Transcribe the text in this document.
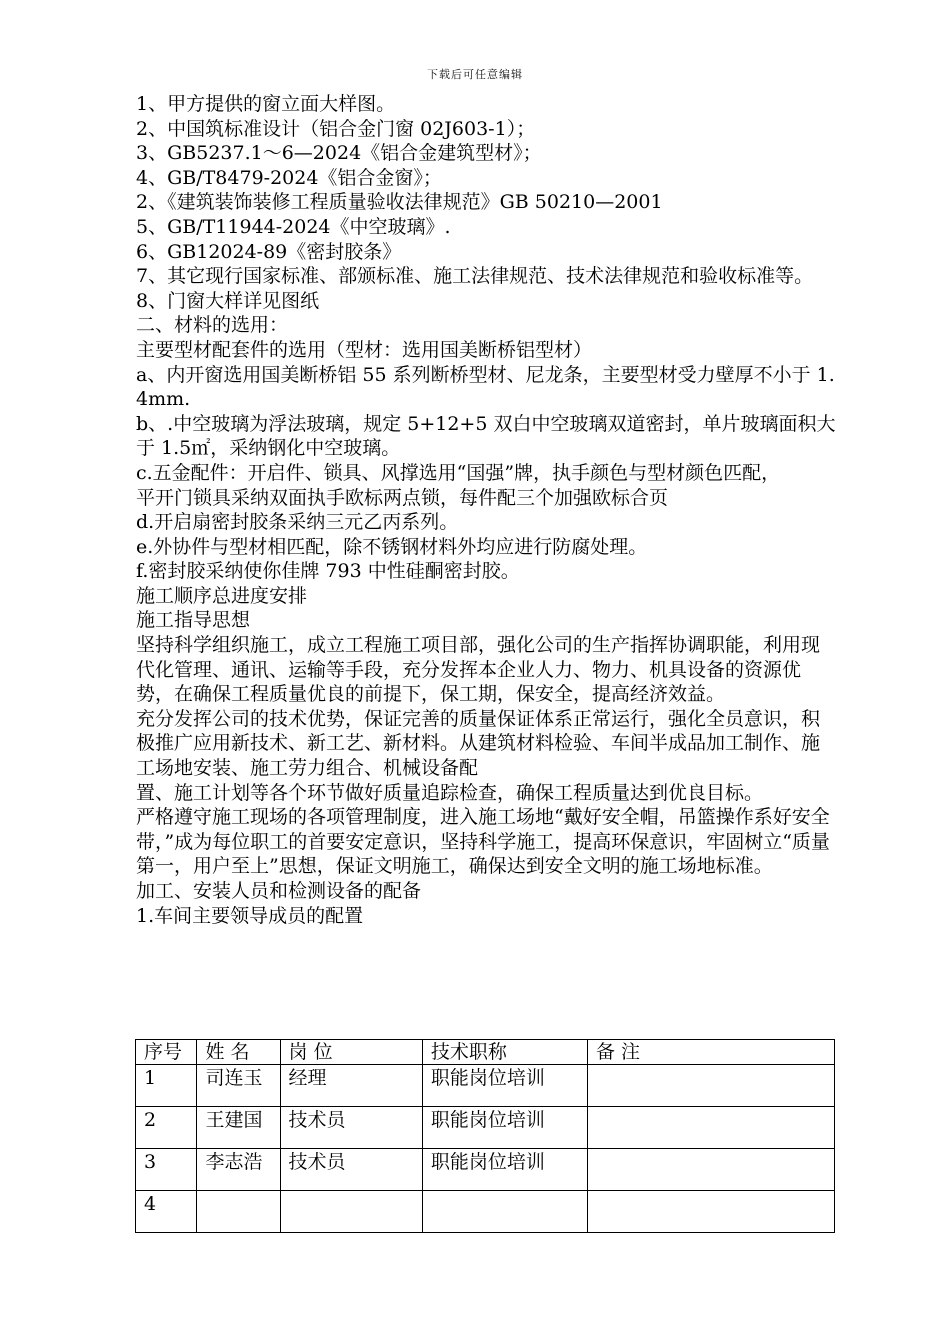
下载后可任意编辑

1、甲方提供的窗立面大样图。

2、中国筑标准设计（铝合金门窗 02J603-1）；

3、GB5237.1～6—2024《铝合金建筑型材》；

4、GB/T8479-2024《铝合金窗》；

2、《建筑装饰装修工程质量验收法律规范》GB 50210—2001

5、GB/T11944-2024《中空玻璃》.

6、GB12024-89《密封胶条》

7、其它现行国家标准、部颁标准、施工法律规范、技术法律规范和验收标准等。8、门窗大样详见图纸

二、材料的选用：

主要型材配套件的选用（型材：选用国美断桥铝型材）

a、内开窗选用国美断桥铝 55 系列断桥型材、尼龙条，主要型材受力壁厚不小于 1.4mm.

b、.中空玻璃为浮法玻璃，规定 5+12+5 双白中空玻璃双道密封，单片玻璃面积大于 1.5㎡，采纳钢化中空玻璃。

c.五金配件：开启件、锁具、风撑选用“国强”牌，执手颜色与型材颜色匹配，

平开门锁具采纳双面执手欧标两点锁，每件配三个加强欧标合页

d.开启扇密封胶条采纳三元乙丙系列。

e.外协件与型材相匹配，除不锈钢材料外均应进行防腐处理。

f.密封胶采纳使你佳牌 793 中性硅酮密封胶。

施工顺序总进度安排

施工指导思想

坚持科学组织施工，成立工程施工项目部，强化公司的生产指挥协调职能，利用现代化管理、通讯、运输等手段，充分发挥本企业人力、物力、机具设备的资源优势，在确保工程质量优良的前提下，保工期，保安全，提高经济效益。

充分发挥公司的技术优势，保证完善的质量保证体系正常运行，强化全员意识，积极推广应用新技术、新工艺、新材料。从建筑材料检验、车间半成品加工制作、施工场地安装、施工劳力组合、机械设备配

置、施工计划等各个环节做好质量追踪检查，确保工程质量达到优良目标。

严格遵守施工现场的各项管理制度，进入施工场地“戴好安全帽，吊篮操作系好安全带，”成为每位职工的首要安定意识，坚持科学施工，提高环保意识，牢固树立“质量第一，用户至上”思想，保证文明施工，确保达到安全文明的施工场地标准。

加工、安装人员和检测设备的配备

1.车间主要领导成员的配置

序号	姓 名	岗 位	技术职称	备 注
1	司连玉	经理	职能岗位培训	
2	王建国	技术员	职能岗位培训	
3	李志浩	技术员	职能岗位培训	
4				
